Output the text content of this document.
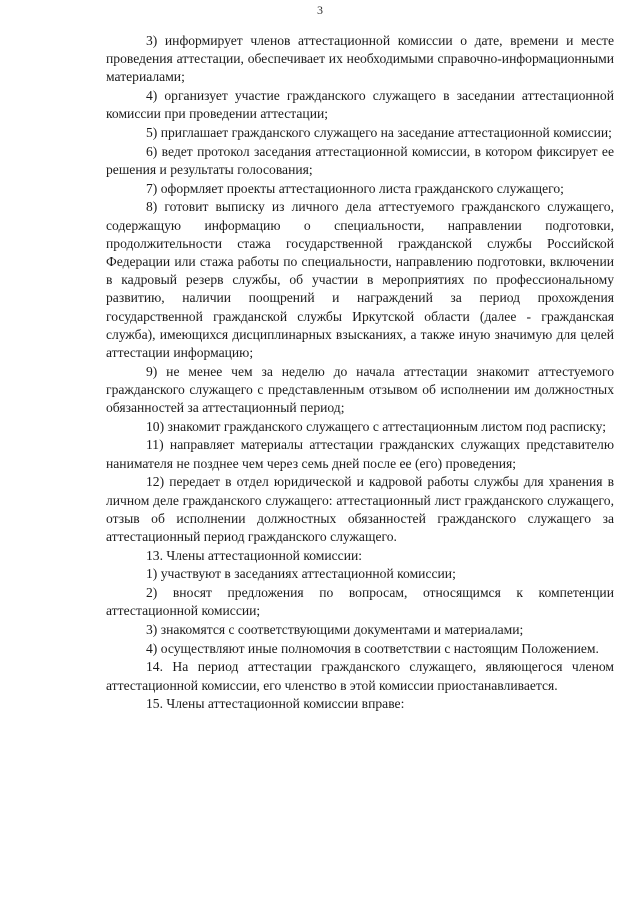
3

3) информирует членов аттестационной комиссии о дате, времени и месте проведения аттестации, обеспечивает их необходимыми справочно-информационными материалами;

4) организует участие гражданского служащего в заседании аттестационной комиссии при проведении аттестации;

5) приглашает гражданского служащего на заседание аттестационной комиссии;

6) ведет протокол заседания аттестационной комиссии, в котором фиксирует ее решения и результаты голосования;

7) оформляет проекты аттестационного листа гражданского служащего;

8) готовит выписку из личного дела аттестуемого гражданского служащего, содержащую информацию о специальности, направлении подготовки, продолжительности стажа государственной гражданской службы Российской Федерации или стажа работы по специальности, направлению подготовки, включении в кадровый резерв службы, об участии в мероприятиях по профессиональному развитию, наличии поощрений и награждений за период прохождения государственной гражданской службы Иркутской области (далее - гражданская служба), имеющихся дисциплинарных взысканиях, а также иную значимую для целей аттестации информацию;

9) не менее чем за неделю до начала аттестации знакомит аттестуемого гражданского служащего с представленным отзывом об исполнении им должностных обязанностей за аттестационный период;

10) знакомит гражданского служащего с аттестационным листом под расписку;

11) направляет материалы аттестации гражданских служащих представителю нанимателя не позднее чем через семь дней после ее (его) проведения;

12) передает в отдел юридической и кадровой работы службы для хранения в личном деле гражданского служащего: аттестационный лист гражданского служащего, отзыв об исполнении должностных обязанностей гражданского служащего за аттестационный период гражданского служащего.

13. Члены аттестационной комиссии:

1) участвуют в заседаниях аттестационной комиссии;

2) вносят предложения по вопросам, относящимся к компетенции аттестационной комиссии;

3) знакомятся с соответствующими документами и материалами;

4) осуществляют иные полномочия в соответствии с настоящим Положением.

14. На период аттестации гражданского служащего, являющегося членом аттестационной комиссии, его членство в этой комиссии приостанавливается.

15. Члены аттестационной комиссии вправе:
